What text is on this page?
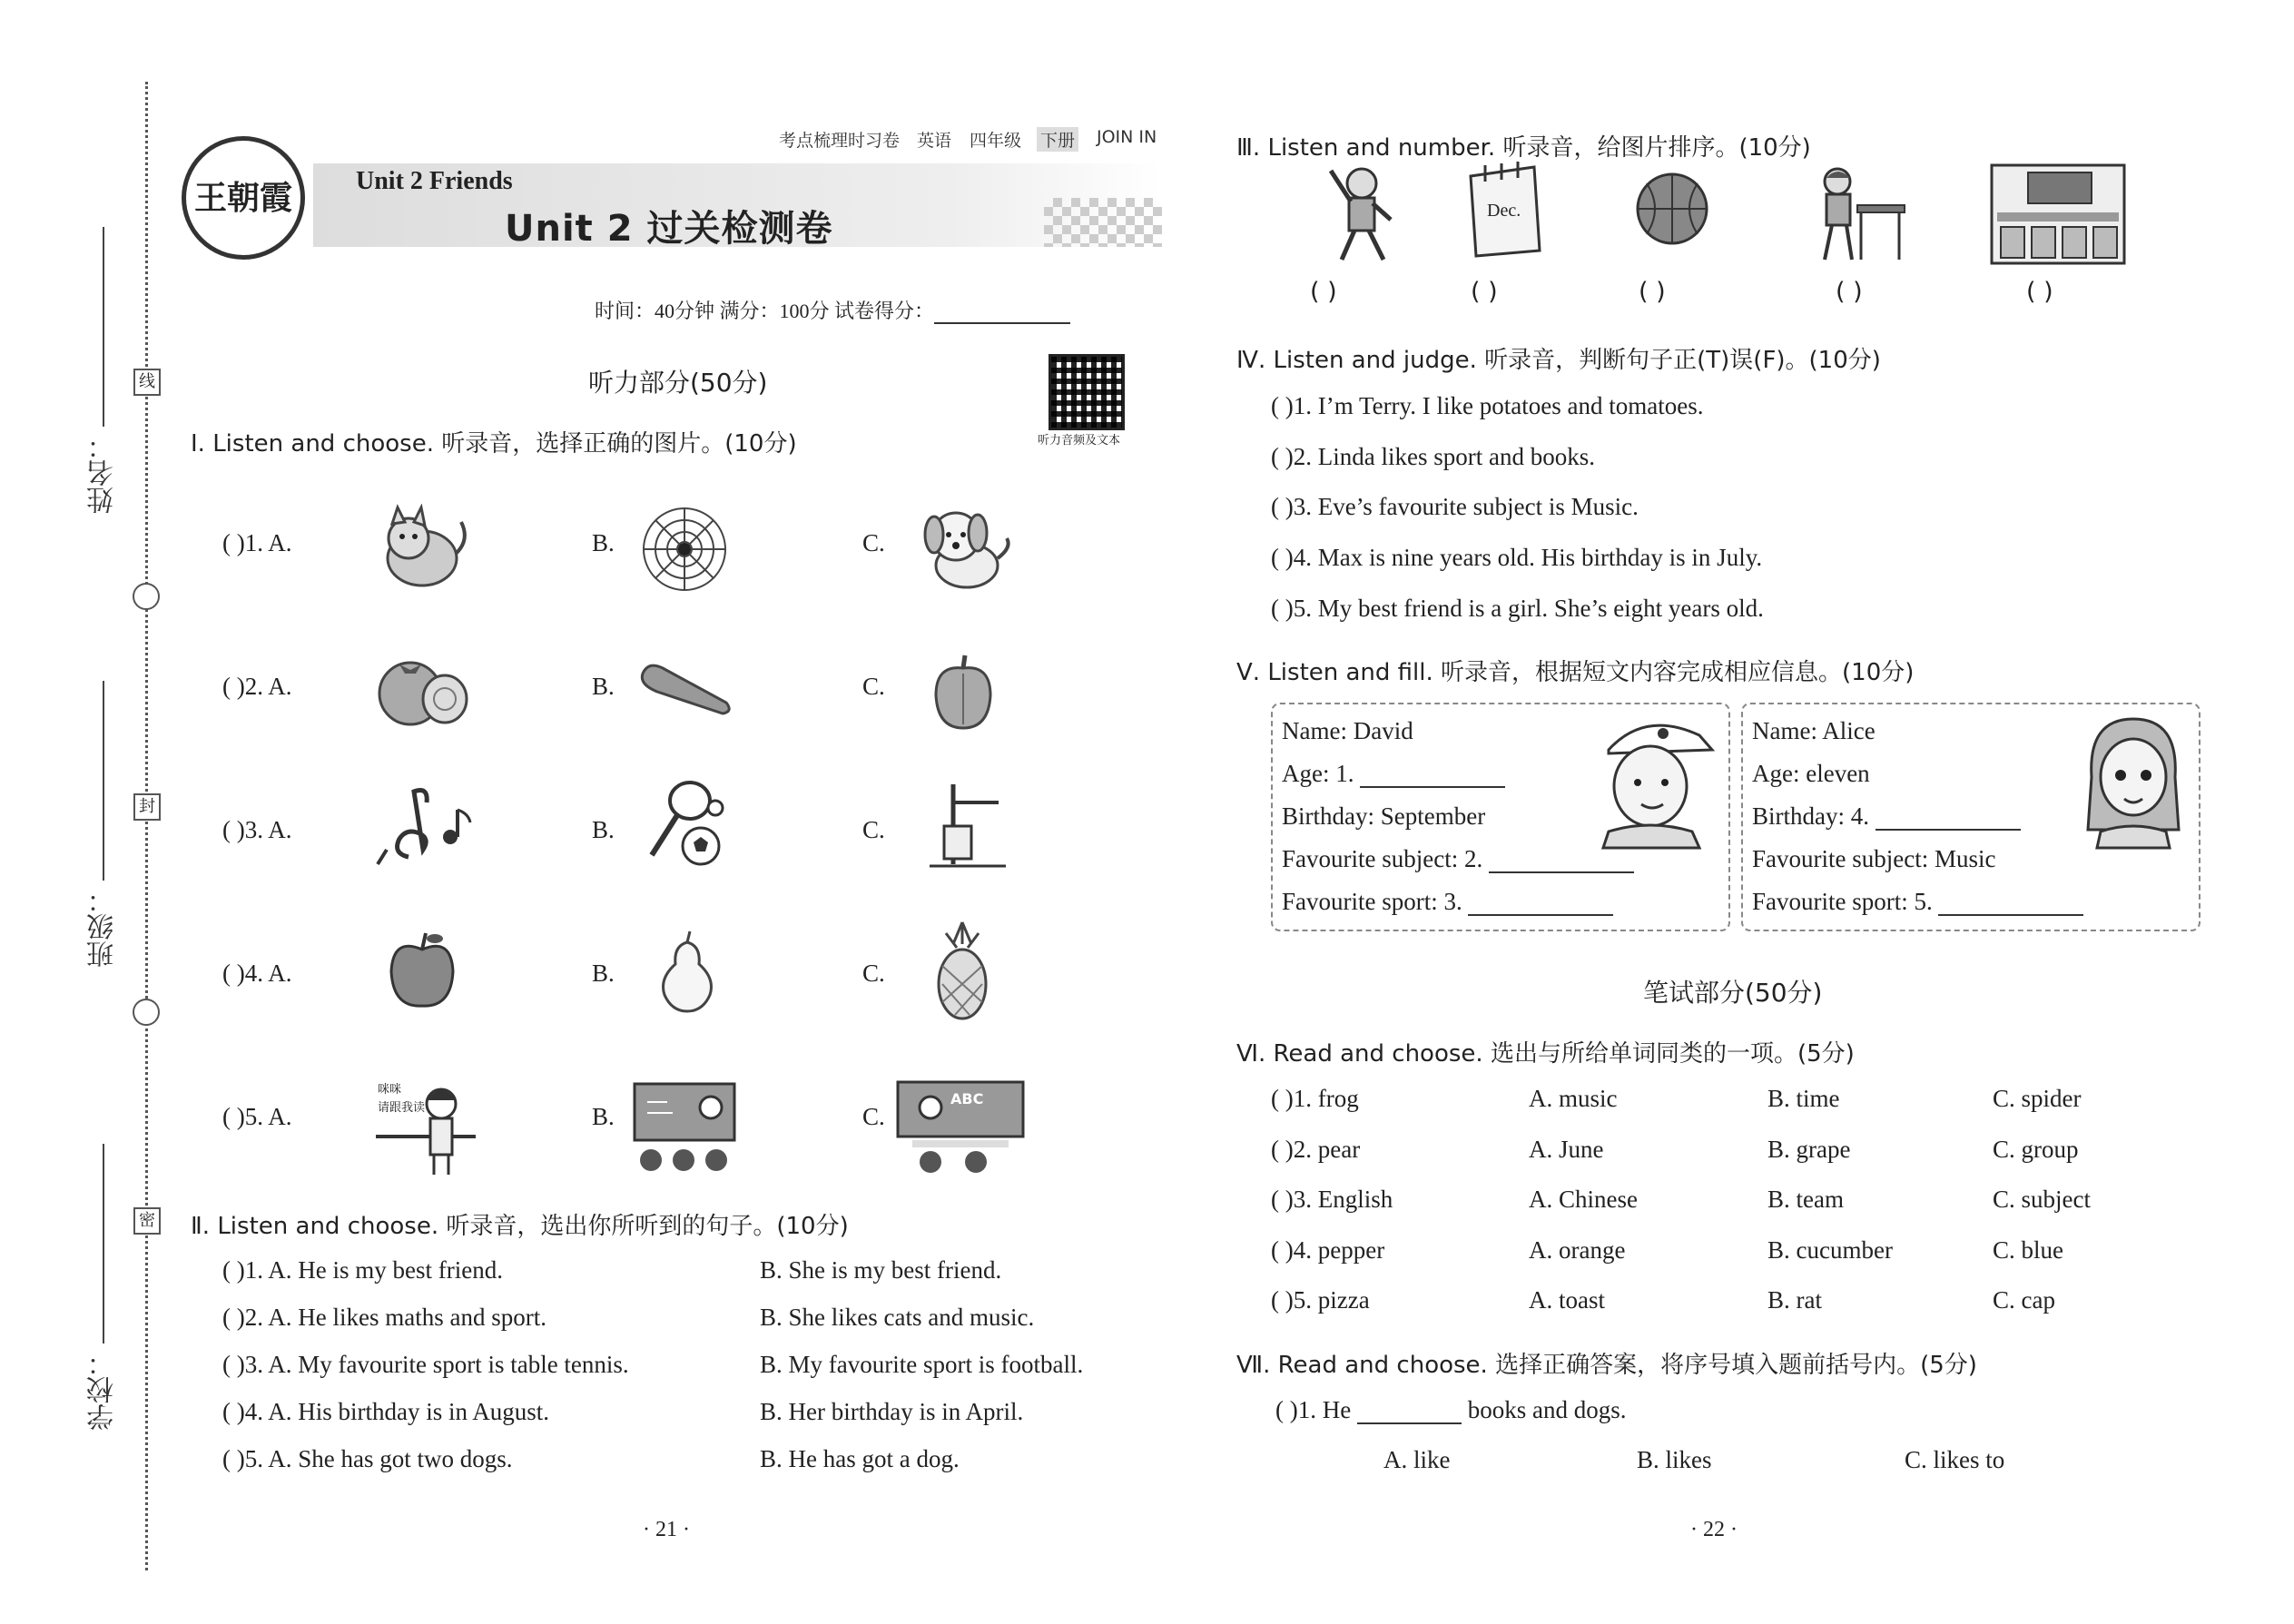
姓名：
班级：
学校：
线
封
密
王朝霞
考点梳理时习卷 英语 四年级 下册 JOIN IN
Unit 2 Friends
Unit 2 过关检测卷
时间：40分钟 满分：100分 试卷得分：
听力部分(50分)
听力音频及文本
Ⅰ. Listen and choose. 听录音，选择正确的图片。(10分)
( )1. A.	B.	C.
( )2. A.	B.	C.
( )3. A.	B.	C.
( )4. A.	B.	C.
( )5. A.	B.	C.
咪咪
请跟我读
ABC
Ⅱ. Listen and choose. 听录音，选出你所听到的句子。(10分)
( )1. A. He is my best friend.	B. She is my best friend.
( )2. A. He likes maths and sport.	B. She likes cats and music.
( )3. A. My favourite sport is table tennis.	B. My favourite sport is football.
( )4. A. His birthday is in August.	B. Her birthday is in April.
( )5. A. She has got two dogs.	B. He has got a dog.
· 21 ·
Ⅲ. Listen and number. 听录音，给图片排序。(10分)
Dec.
( )	( )	( )	( )	( )
Ⅳ. Listen and judge. 听录音，判断句子正(T)误(F)。(10分)
( )1. I’m Terry. I like potatoes and tomatoes.
( )2. Linda likes sport and books.
( )3. Eve’s favourite subject is Music.
( )4. Max is nine years old. His birthday is in July.
( )5. My best friend is a girl. She’s eight years old.
Ⅴ. Listen and fill. 听录音，根据短文内容完成相应信息。(10分)
Name: David
Age: 1.
Birthday: September
Favourite subject: 2.
Favourite sport: 3.
Name: Alice
Age: eleven
Birthday: 4.
Favourite subject: Music
Favourite sport: 5.
笔试部分(50分)
Ⅵ. Read and choose. 选出与所给单词同类的一项。(5分)
( )1. frog	A. music	B. time	C. spider
( )2. pear	A. June	B. grape	C. group
( )3. English	A. Chinese	B. team	C. subject
( )4. pepper	A. orange	B. cucumber	C. blue
( )5. pizza	A. toast	B. rat	C. cap
Ⅶ. Read and choose. 选择正确答案，将序号填入题前括号内。(5分)
( )1. He	books and dogs.
A. like	B. likes	C. likes to
· 22 ·
